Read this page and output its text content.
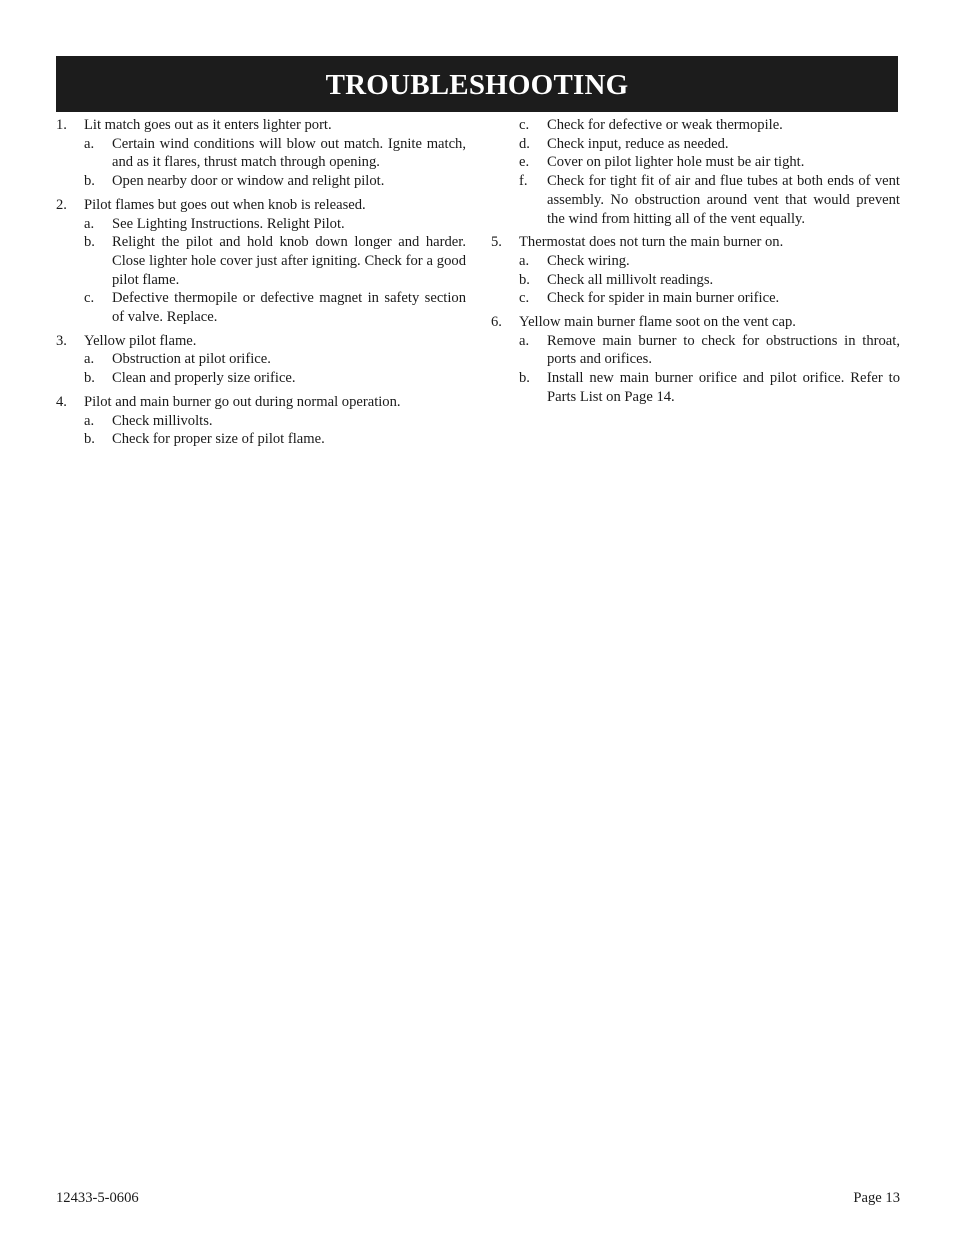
TROUBLESHOOTING
1.	Lit match goes out as it enters lighter port.
a.	Certain wind conditions will blow out match. Ignite match, and as it flares, thrust match through opening.
b.	Open nearby door or window and relight pilot.
2.	Pilot flames but goes out when knob is released.
a.	See Lighting Instructions. Relight Pilot.
b.	Relight the pilot and hold knob down longer and harder. Close lighter hole cover just after igniting. Check for a good pilot flame.
c.	Defective thermopile or defective magnet in safety section of valve. Replace.
3.	Yellow pilot flame.
a.	Obstruction at pilot orifice.
b.	Clean and properly size orifice.
4.	Pilot and main burner go out during normal operation.
a.	Check millivolts.
b.	Check for proper size of pilot flame.
c.	Check for defective or weak thermopile.
d.	Check input, reduce as needed.
e.	Cover on pilot lighter hole must be air tight.
f.	Check for tight fit of air and flue tubes at both ends of vent assembly. No obstruction around vent that would prevent the wind from hitting all of the vent equally.
5.	Thermostat does not turn the main burner on.
a.	Check wiring.
b.	Check all millivolt readings.
c.	Check for spider in main burner orifice.
6.	Yellow main burner flame soot on the vent cap.
a.	Remove main burner to check for obstructions in throat, ports and orifices.
b.	Install new main burner orifice and pilot orifice. Refer to Parts List on Page 14.
12433-5-0606	Page 13
